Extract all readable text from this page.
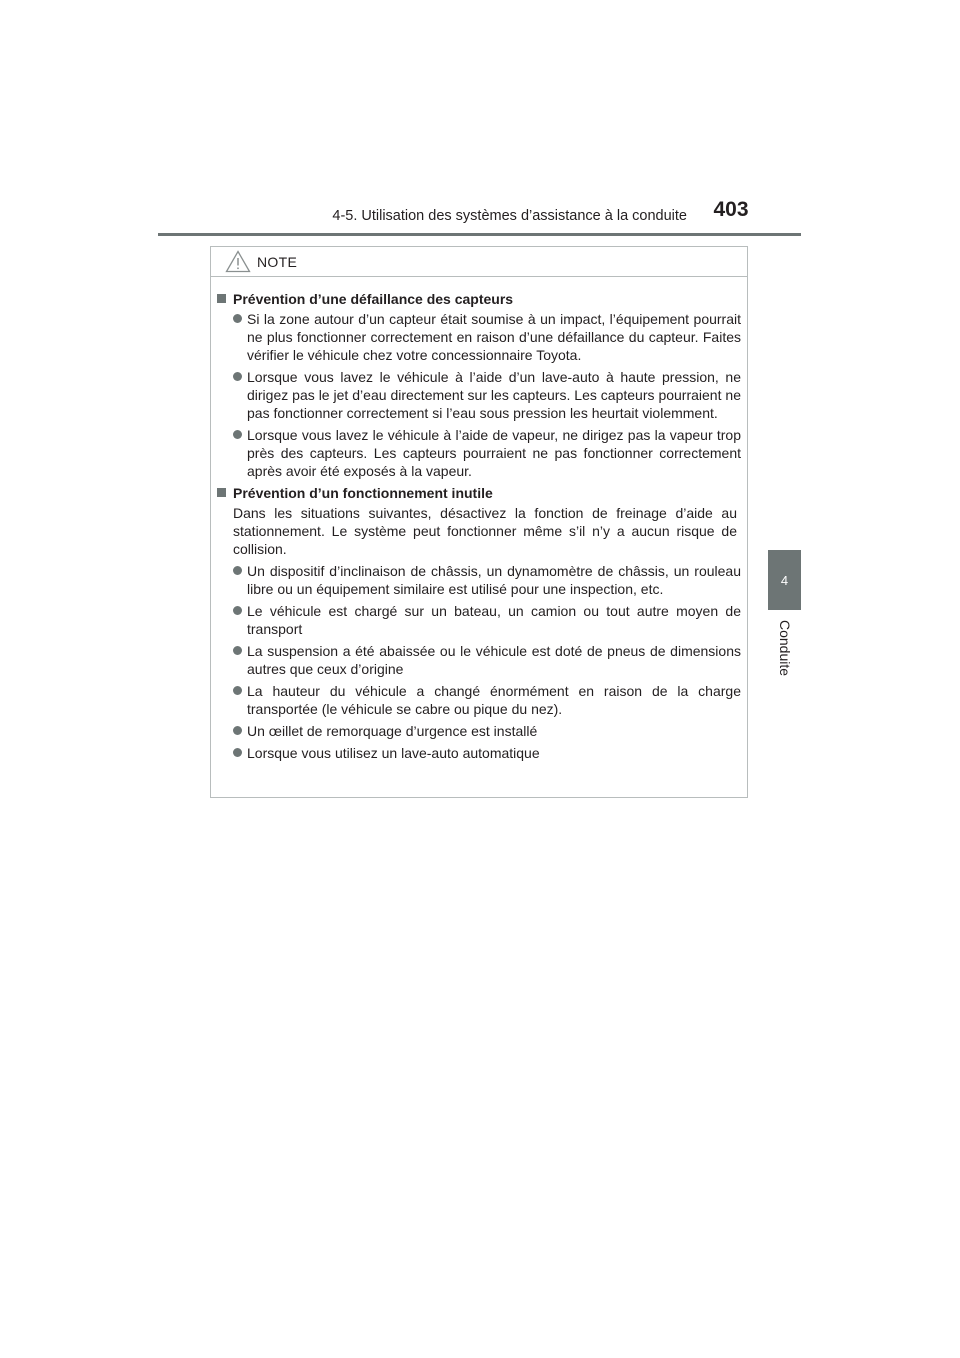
4-5. Utilisation des systèmes d’assistance à la conduite	403
4
Conduite
NOTE
Prévention d’une défaillance des capteurs
Si la zone autour d’un capteur était soumise à un impact, l’équipement pourrait ne plus fonctionner correctement en raison d’une défaillance du capteur. Faites vérifier le véhicule chez votre concessionnaire Toyota.
Lorsque vous lavez le véhicule à l’aide d’un lave-auto à haute pression, ne dirigez pas le jet d’eau directement sur les capteurs. Les capteurs pourraient ne pas fonctionner correctement si l’eau sous pression les heurtait violemment.
Lorsque vous lavez le véhicule à l’aide de vapeur, ne dirigez pas la vapeur trop près des capteurs. Les capteurs pourraient ne pas fonctionner correctement après avoir été exposés à la vapeur.
Prévention d’un fonctionnement inutile
Dans les situations suivantes, désactivez la fonction de freinage d’aide au stationnement. Le système peut fonctionner même s’il n’y a aucun risque de collision.
Un dispositif d’inclinaison de châssis, un dynamomètre de châssis, un rouleau libre ou un équipement similaire est utilisé pour une inspection, etc.
Le véhicule est chargé sur un bateau, un camion ou tout autre moyen de transport
La suspension a été abaissée ou le véhicule est doté de pneus de dimensions autres que ceux d’origine
La hauteur du véhicule a changé énormément en raison de la charge transportée (le véhicule se cabre ou pique du nez).
Un œillet de remorquage d’urgence est installé
Lorsque vous utilisez un lave-auto automatique
